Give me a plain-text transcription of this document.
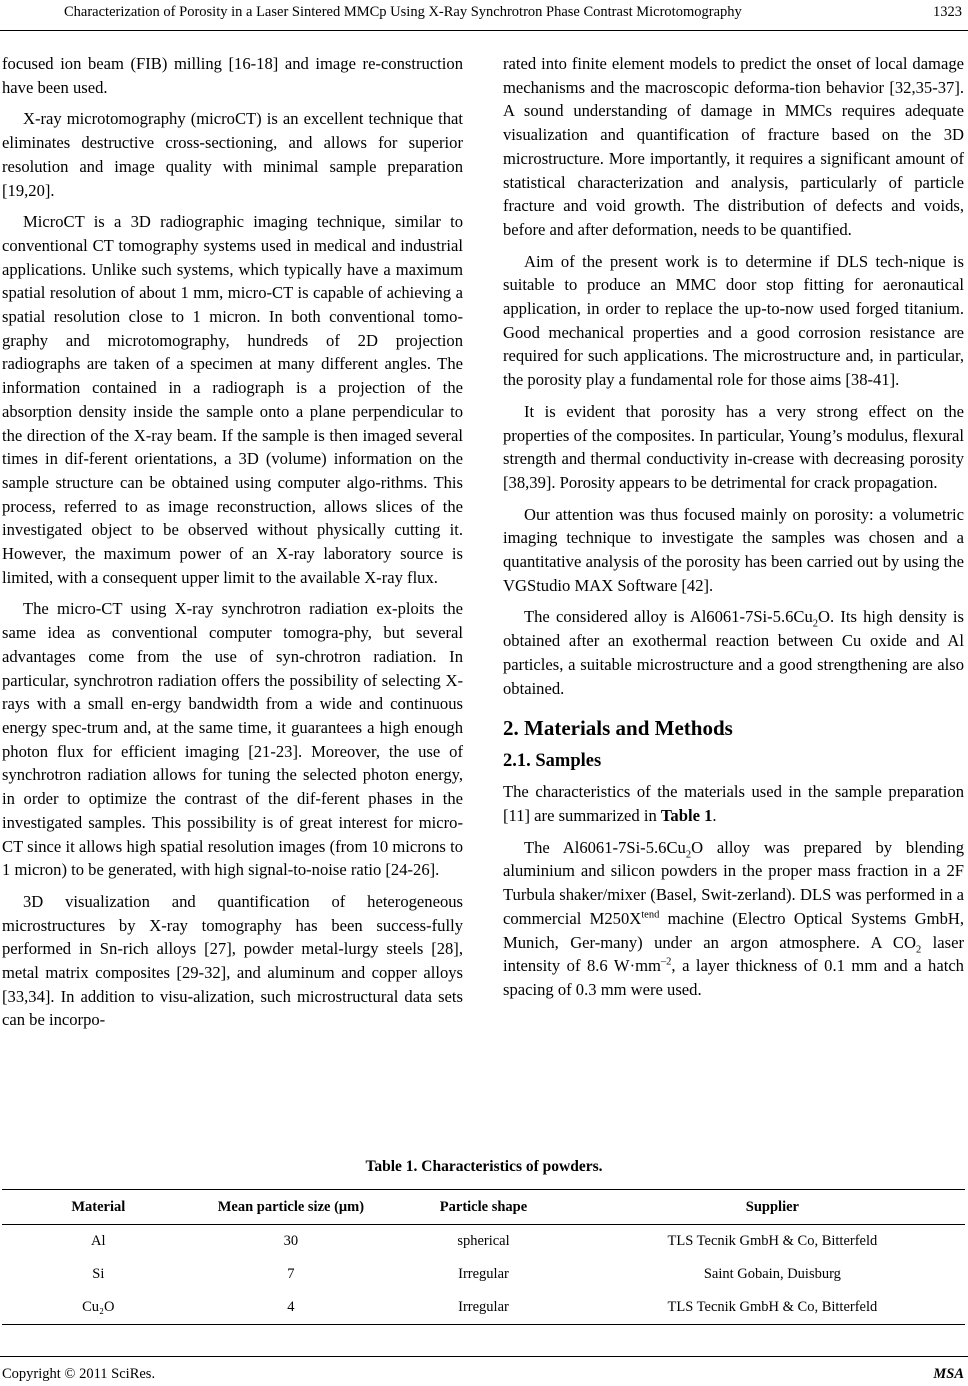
Characterization of Porosity in a Laser Sintered MMCp Using X-Ray Synchrotron Phase Contrast Microtomography	1323

focused ion beam (FIB) milling [16-18] and image re-construction have been used.

X-ray microtomography (microCT) is an excellent technique that eliminates destructive cross-sectioning, and allows for superior resolution and image quality with minimal sample preparation [19,20].

MicroCT is a 3D radiographic imaging technique, similar to conventional CT tomography systems used in medical and industrial applications. Unlike such systems, which typically have a maximum spatial resolution of about 1 mm, micro-CT is capable of achieving a spatial resolution close to 1 micron. In both conventional tomo-graphy and microtomography, hundreds of 2D projection radiographs are taken of a specimen at many different angles. The information contained in a radiograph is a projection of the absorption density inside the sample onto a plane perpendicular to the direction of the X-ray beam. If the sample is then imaged several times in dif-ferent orientations, a 3D (volume) information on the sample structure can be obtained using computer algo-rithms. This process, referred to as image reconstruction, allows slices of the investigated object to be observed without physically cutting it. However, the maximum power of an X-ray laboratory source is limited, with a consequent upper limit to the available X-ray flux.

The micro-CT using X-ray synchrotron radiation ex-ploits the same idea as conventional computer tomogra-phy, but several advantages come from the use of syn-chrotron radiation. In particular, synchrotron radiation offers the possibility of selecting X-rays with a small en-ergy bandwidth from a wide and continuous energy spec-trum and, at the same time, it guarantees a high enough photon flux for efficient imaging [21-23]. Moreover, the use of synchrotron radiation allows for tuning the selected photon energy, in order to optimize the contrast of the dif-ferent phases in the investigated samples. This possibility is of great interest for micro-CT since it allows high spatial resolution images (from 10 microns to 1 micron) to be generated, with high signal-to-noise ratio [24-26].

3D visualization and quantification of heterogeneous microstructures by X-ray tomography has been success-fully performed in Sn-rich alloys [27], powder metal-lurgy steels [28], metal matrix composites [29-32], and aluminum and copper alloys [33,34]. In addition to visu-alization, such microstructural data sets can be incorpo-

rated into finite element models to predict the onset of local damage mechanisms and the macroscopic deforma-tion behavior [32,35-37]. A sound understanding of damage in MMCs requires adequate visualization and quantification of fracture based on the 3D microstructure. More importantly, it requires a significant amount of statistical characterization and analysis, particularly of particle fracture and void growth. The distribution of defects and voids, before and after deformation, needs to be quantified.

Aim of the present work is to determine if DLS tech-nique is suitable to produce an MMC door stop fitting for aeronautical application, in order to replace the up-to-now used forged titanium. Good mechanical properties and a good corrosion resistance are required for such applications. The microstructure and, in particular, the porosity play a fundamental role for those aims [38-41].

It is evident that porosity has a very strong effect on the properties of the composites. In particular, Young’s modulus, flexural strength and thermal conductivity in-crease with decreasing porosity [38,39]. Porosity appears to be detrimental for crack propagation.

Our attention was thus focused mainly on porosity: a volumetric imaging technique to investigate the samples was chosen and a quantitative analysis of the porosity has been carried out by using the VGStudio MAX Software [42].

The considered alloy is $Al6061-7Si-5.6Cu_2O$. Its high density is obtained after an exothermal reaction between Cu oxide and Al particles, a suitable microstructure and a good strengthening are also obtained.

2. Materials and Methods
2.1. Samples

The characteristics of the materials used in the sample preparation [11] are summarized in Table 1.

The $Al6061-7Si-5.6Cu_2O$ alloy was prepared by blending aluminium and silicon powders in the proper mass fraction in a 2F Turbula shaker/mixer (Basel, Swit-zerland). DLS was performed in a commercial $M250X^{tend}$ machine (Electro Optical Systems GmbH, Munich, Ger-many) under an argon atmosphere. A $CO_2$ laser intensity of 8.6 $W\cdot mm^{-2}$, a layer thickness of 0.1 mm and a hatch spacing of 0.3 mm were used.

Table 1. Characteristics of powders.
Material	Mean particle size (μm)	Particle shape	Supplier
Al	30	spherical	TLS Tecnik GmbH & Co, Bitterfeld
Si	7	Irregular	Saint Gobain, Duisburg
Cu₂O	4	Irregular	TLS Tecnik GmbH & Co, Bitterfeld
Copyright © 2011 SciRes.	MSA
